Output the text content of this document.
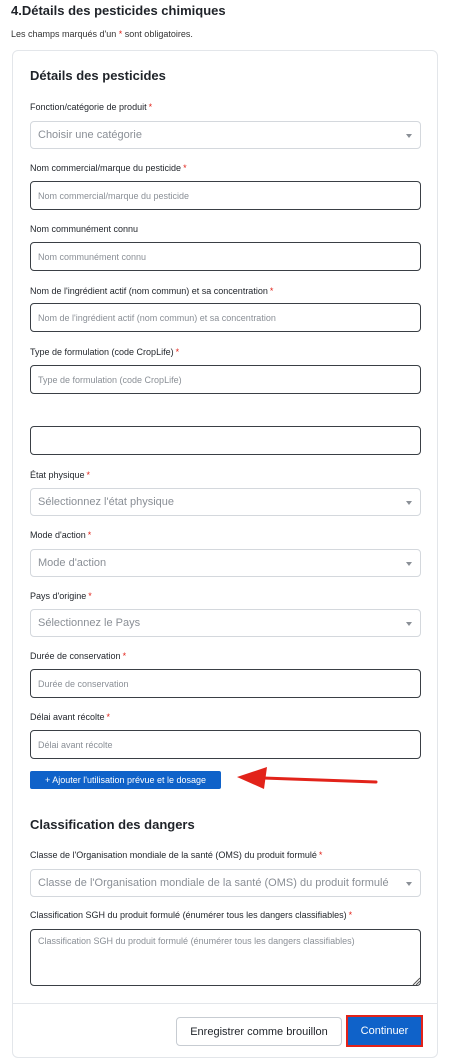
4.Détails des pesticides chimiques
Les champs marqués d'un * sont obligatoires.
Détails des pesticides
Fonction/catégorie de produit *
Choisir une catégorie
Nom commercial/marque du pesticide *
Nom commercial/marque du pesticide
Nom communément connu
Nom communément connu
Nom de l'ingrédient actif (nom commun) et sa concentration *
Nom de l'ingrédient actif (nom commun) et sa concentration
Type de formulation (code CropLife) *
Type de formulation (code CropLife)
État physique *
Sélectionnez l'état physique
Mode d'action *
Mode d'action
Pays d'origine *
Sélectionnez le Pays
Durée de conservation *
Durée de conservation
Délai avant récolte *
Délai avant récolte
+ Ajouter l'utilisation prévue et le dosage
Classification des dangers
Classe de l'Organisation mondiale de la santé (OMS) du produit formulé *
Classe de l'Organisation mondiale de la santé (OMS) du produit formulé
Classification SGH du produit formulé (énumérer tous les dangers classifiables) *
Classification SGH du produit formulé (énumérer tous les dangers classifiables)
Enregistrer comme brouillon	Continuer
